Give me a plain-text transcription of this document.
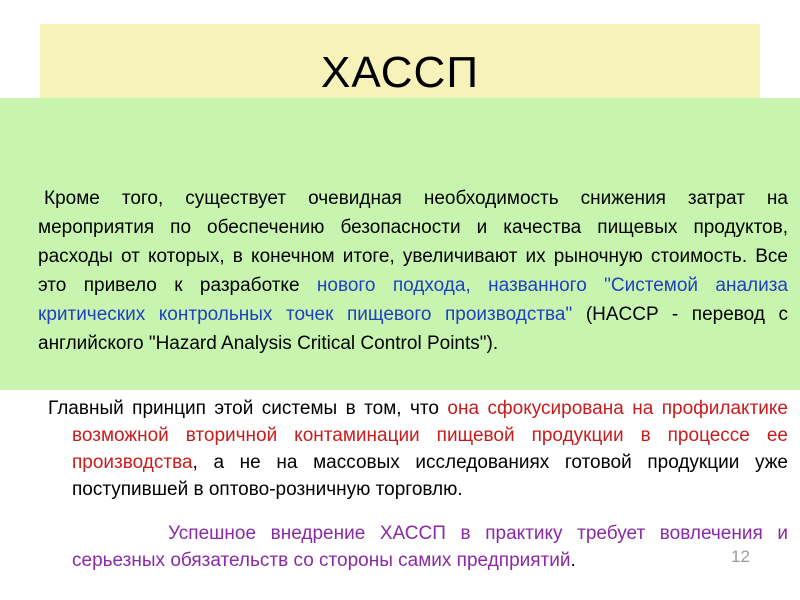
ХАССП
Кроме того, существует очевидная необходимость снижения затрат на мероприятия по обеспечению безопасности и качества пищевых продуктов, расходы от которых, в конечном итоге, увеличивают их рыночную стоимость. Все это привело к разработке нового подхода, названного "Системой анализа критических контрольных точек пищевого производства" (HACCP - перевод с английского "Hazard Analysis Critical Control Points").
Главный принцип этой системы в том, что она сфокусирована на профилактике возможной вторичной контаминации пищевой продукции в процессе ее производства, а не на массовых исследованиях готовой продукции уже поступившей в оптово-розничную торговлю.
Успешное внедрение ХАССП в практику требует вовлечения и серьезных обязательств со стороны самих предприятий.	12
